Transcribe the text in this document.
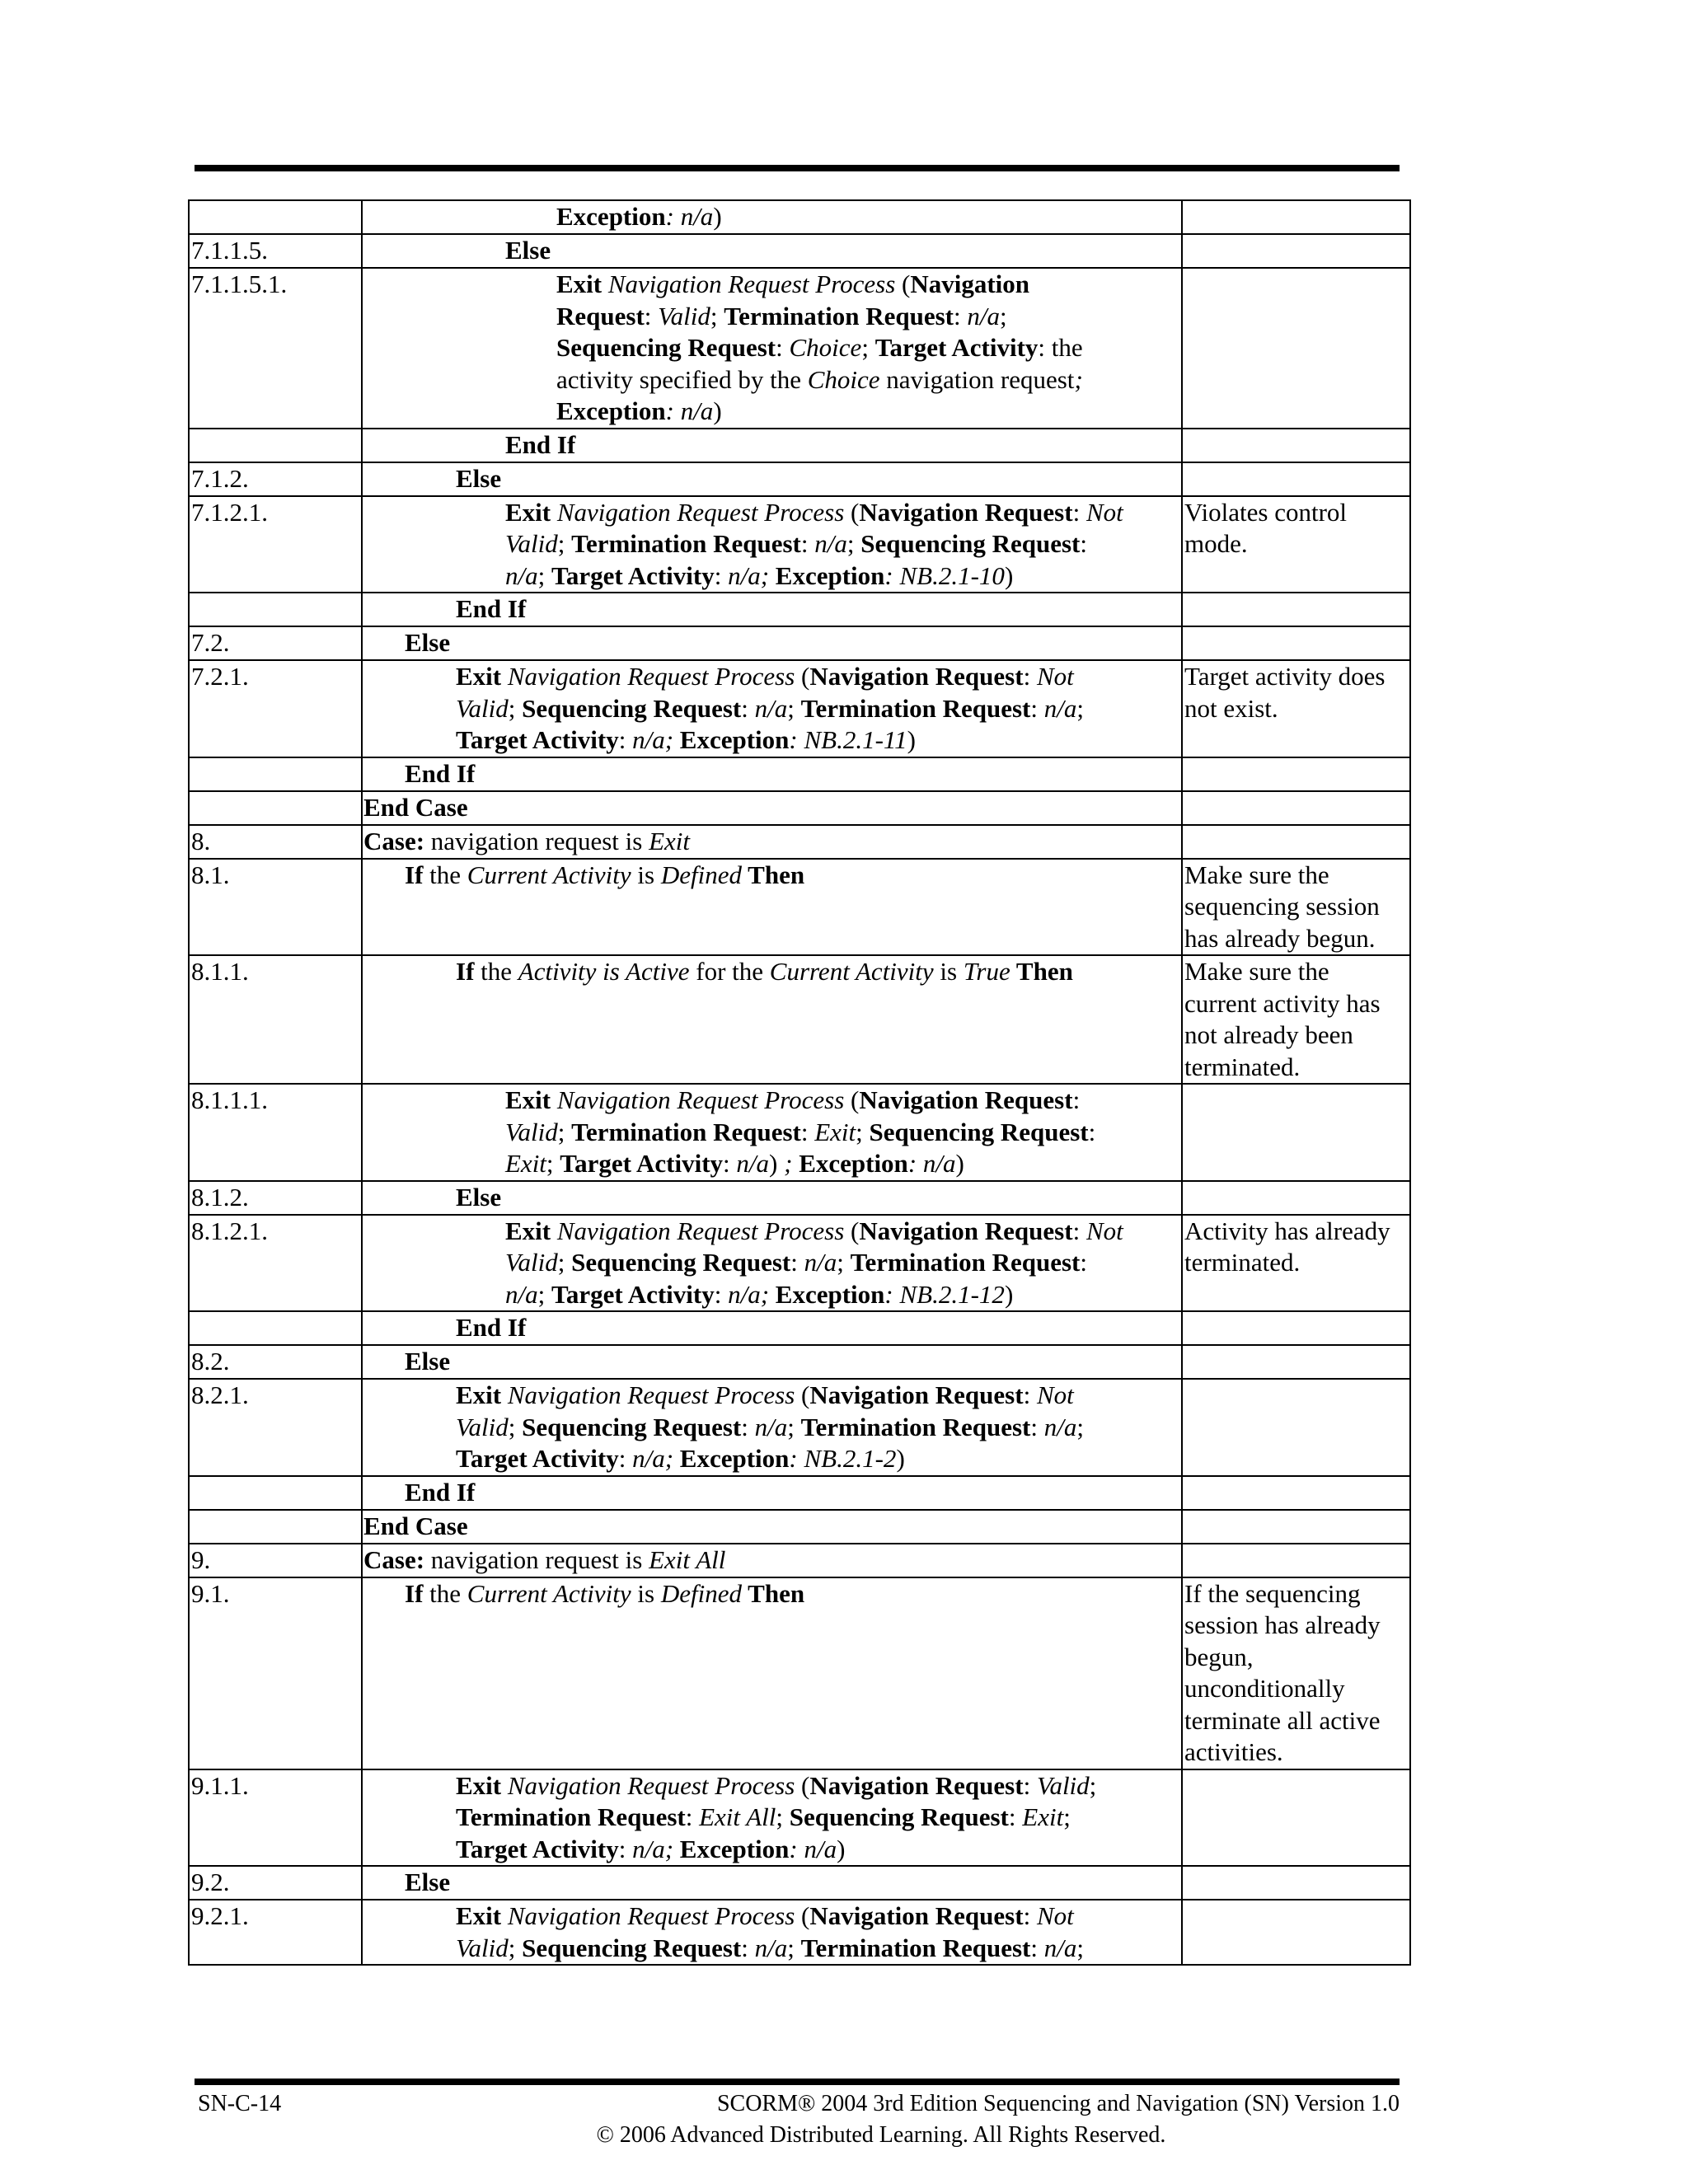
	Exception: n/a)	

7.1.1.5.	Else	

7.1.1.5.1.	Exit Navigation Request Process (Navigation
Request: Valid; Termination Request: n/a;
Sequencing Request: Choice; Target Activity: the
activity specified by the Choice navigation request;
Exception: n/a)	

	End If	

7.1.2.	Else	

7.1.2.1.	Exit Navigation Request Process (Navigation Request: Not
Valid; Termination Request: n/a; Sequencing Request:
n/a; Target Activity: n/a; Exception: NB.2.1-10)	Violates control mode.

	End If	

7.2.	Else	

7.2.1.	Exit Navigation Request Process (Navigation Request: Not
Valid; Sequencing Request: n/a; Termination Request: n/a;
Target Activity: n/a; Exception: NB.2.1-11)	Target activity does not exist.

	End If	

	End Case	

8.	Case: navigation request is Exit	

8.1.	If the Current Activity is Defined Then	Make sure the sequencing session has already begun.
8.1.1.	If the Activity is Active for the Current Activity is True Then	Make sure the current activity has not already been terminated.
8.1.1.1.	Exit Navigation Request Process (Navigation Request:
Valid; Termination Request: Exit; Sequencing Request:
Exit; Target Activity: n/a) ; Exception: n/a)	

8.1.2.	Else	

8.1.2.1.	Exit Navigation Request Process (Navigation Request: Not
Valid; Sequencing Request: n/a; Termination Request:
n/a; Target Activity: n/a; Exception: NB.2.1-12)	Activity has already terminated.

	End If	

8.2.	Else	

8.2.1.	Exit Navigation Request Process (Navigation Request: Not
Valid; Sequencing Request: n/a; Termination Request: n/a;
Target Activity: n/a; Exception: NB.2.1-2)	

	End If	

	End Case	

9.	Case: navigation request is Exit All	

9.1.	If the Current Activity is Defined Then	If the sequencing session has already begun, unconditionally terminate all active activities.
9.1.1.	Exit Navigation Request Process (Navigation Request: Valid;
Termination Request: Exit All; Sequencing Request: Exit;
Target Activity: n/a; Exception: n/a)	

9.2.	Else	

9.2.1.	Exit Navigation Request Process (Navigation Request: Not
Valid; Sequencing Request: n/a; Termination Request: n/a;	

SN-C-14	SCORM® 2004 3rd Edition Sequencing and Navigation (SN) Version 1.0
© 2006 Advanced Distributed Learning. All Rights Reserved.
